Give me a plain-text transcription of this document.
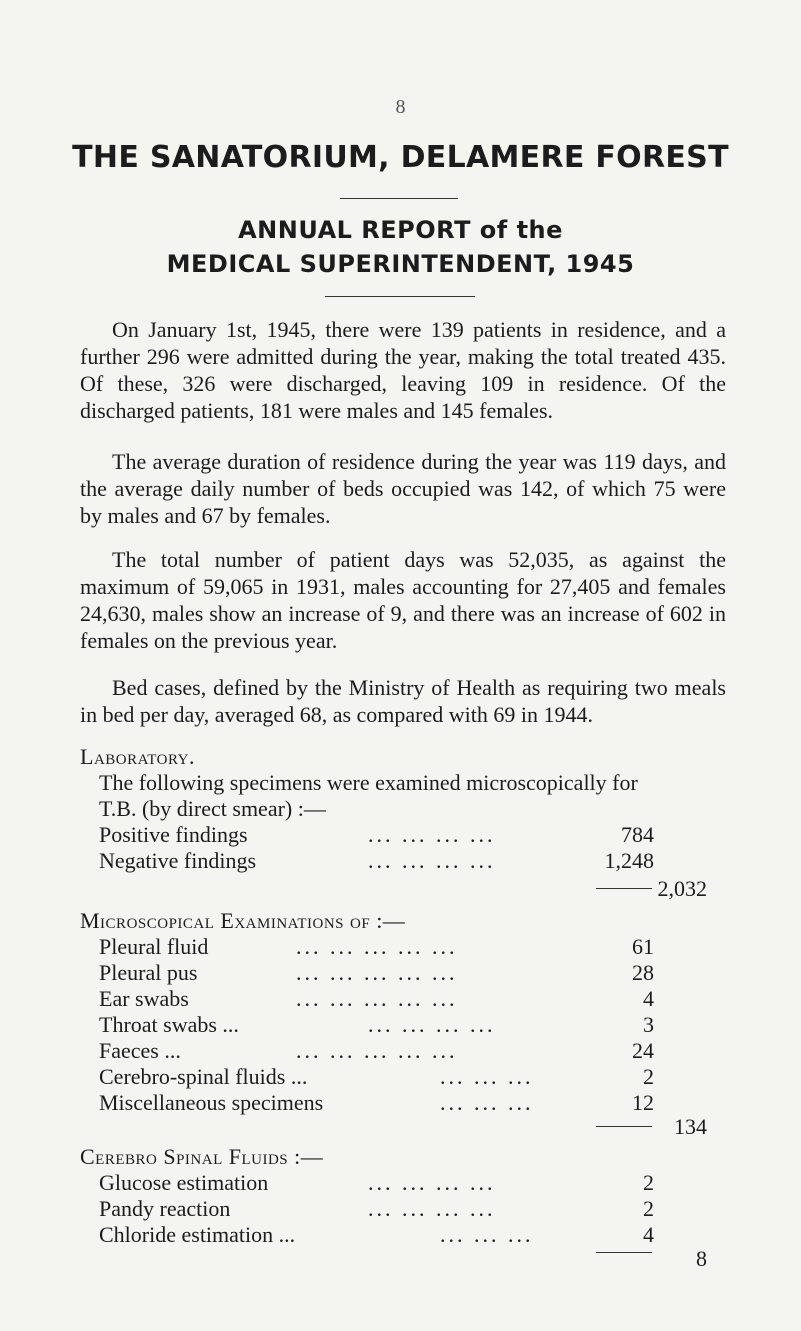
8
THE SANATORIUM, DELAMERE FOREST
ANNUAL REPORT of the
MEDICAL SUPERINTENDENT, 1945

On January 1st, 1945, there were 139 patients in residence, and a further 296 were admitted during the year, making the total treated 435. Of these, 326 were discharged, leaving 109 in residence. Of the discharged patients, 181 were males and 145 females.

The average duration of residence during the year was 119 days, and the average daily number of beds occupied was 142, of which 75 were by males and 67 by females.

The total number of patient days was 52,035, as against the maximum of 59,065 in 1931, males accounting for 27,405 and females 24,630, males show an increase of 9, and there was an increase of 602 in females on the previous year.

Bed cases, defined by the Ministry of Health as requiring two meals in bed per day, averaged 68, as compared with 69 in 1944.

Laboratory.
The following specimens were examined microscopically for
T.B. (by direct smear) :—
Positive findings	... ... ... ...	784
Negative findings	... ... ... ...	1,248
2,032
Microscopical Examinations of :—
Pleural fluid	... ... ... ... ...	61
Pleural pus	... ... ... ... ...	28
Ear swabs	... ... ... ... ...	4
Throat swabs ...	... ... ... ...	3
Faeces ...	... ... ... ... ...	24
Cerebro-spinal fluids ...	... ... ...	2
Miscellaneous specimens	... ... ...	12
134
Cerebro Spinal Fluids :—
Glucose estimation	... ... ... ...	2
Pandy reaction	... ... ... ...	2
Chloride estimation ...	... ... ...	4
8
